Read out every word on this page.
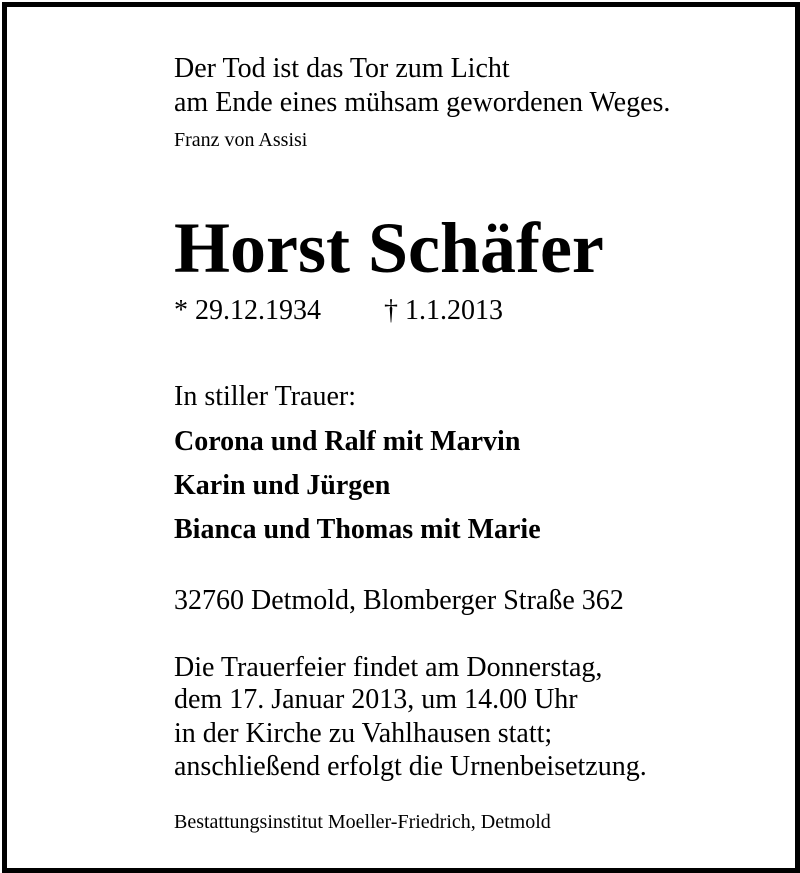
Der Tod ist das Tor zum Licht
am Ende eines mühsam gewordenen Weges.
Franz von Assisi
Horst Schäfer
* 29.12.1934 † 1.1.2013
In stiller Trauer:
Corona und Ralf mit Marvin
Karin und Jürgen
Bianca und Thomas mit Marie
32760 Detmold, Blomberger Straße 362
Die Trauerfeier findet am Donnerstag,
dem 17. Januar 2013, um 14.00 Uhr
in der Kirche zu Vahlhausen statt;
anschließend erfolgt die Urnenbeisetzung.
Bestattungsinstitut Moeller-Friedrich, Detmold
